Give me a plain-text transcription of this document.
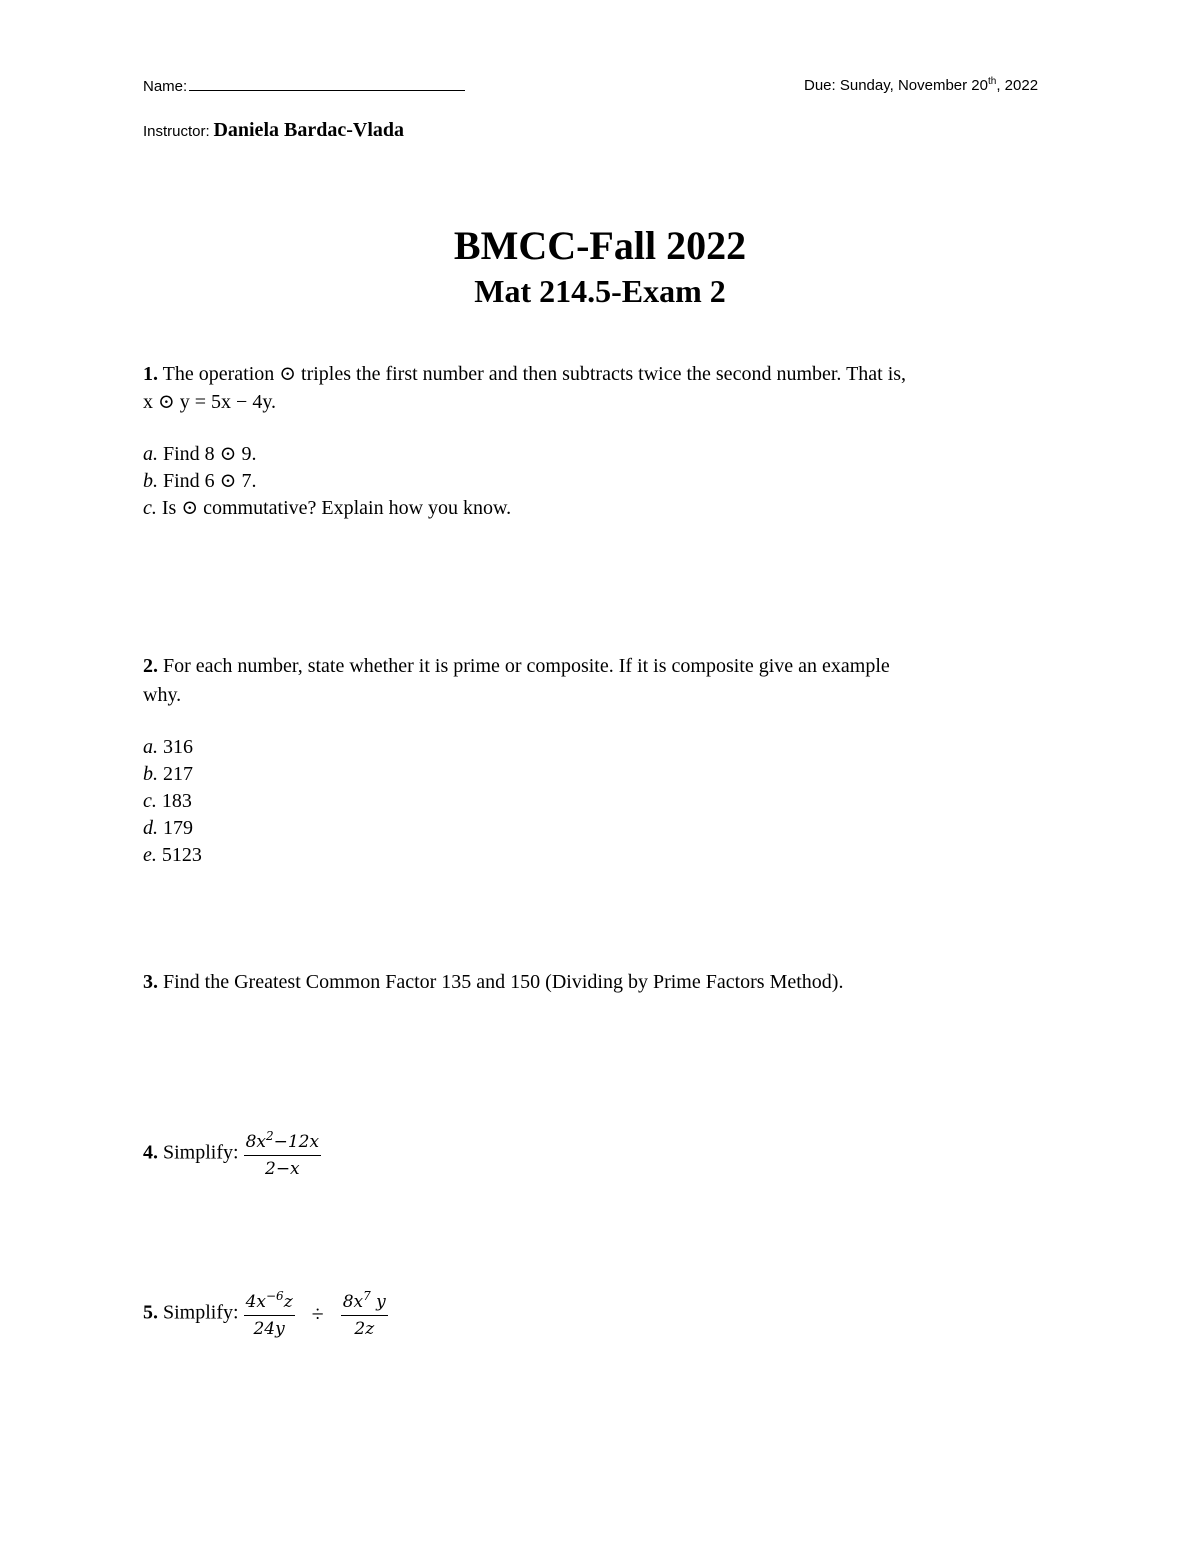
Name:	Due: Sunday, November 20th, 2022
Instructor: Daniela Bardac-Vlada
BMCC-Fall 2022
Mat 214.5-Exam 2
1. The operation ⊙ triples the first number and then subtracts twice the second number. That is,
x ⊙ y = 5x − 4y.
a. Find 8 ⊙ 9.
b. Find 6 ⊙ 7.
c. Is ⊙ commutative? Explain how you know.
2. For each number, state whether it is prime or composite. If it is composite give an example
why.
a. 316
b. 217
c. 183
d. 179
e. 5123
3. Find the Greatest Common Factor 135 and 150 (Dividing by Prime Factors Method).
4. Simplify: $\frac{8x^2-12x}{2-x}$
5. Simplify: $\frac{4x^{-6}z}{24y} \div \frac{8x^7 y}{2z}$
